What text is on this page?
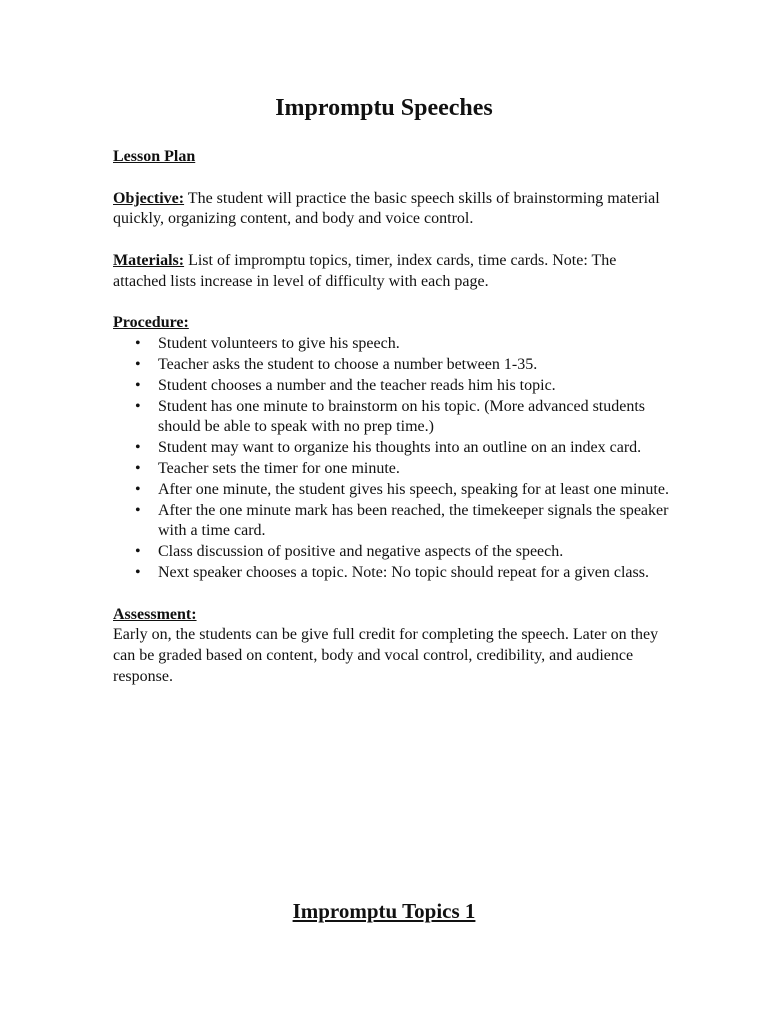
Impromptu Speeches

Lesson Plan

Objective: The student will practice the basic speech skills of brainstorming material quickly, organizing content, and body and voice control.

Materials: List of impromptu topics, timer, index cards, time cards. Note: The attached lists increase in level of difficulty with each page.

Procedure:

• Student volunteers to give his speech.
• Teacher asks the student to choose a number between 1-35.
• Student chooses a number and the teacher reads him his topic.
• Student has one minute to brainstorm on his topic. (More advanced students should be able to speak with no prep time.)
• Student may want to organize his thoughts into an outline on an index card.
• Teacher sets the timer for one minute.
• After one minute, the student gives his speech, speaking for at least one minute.
• After the one minute mark has been reached, the timekeeper signals the speaker with a time card.
• Class discussion of positive and negative aspects of the speech.
• Next speaker chooses a topic. Note: No topic should repeat for a given class.

Assessment:

Early on, the students can be give full credit for completing the speech. Later on they can be graded based on content, body and vocal control, credibility, and audience response.

Impromptu Topics 1
